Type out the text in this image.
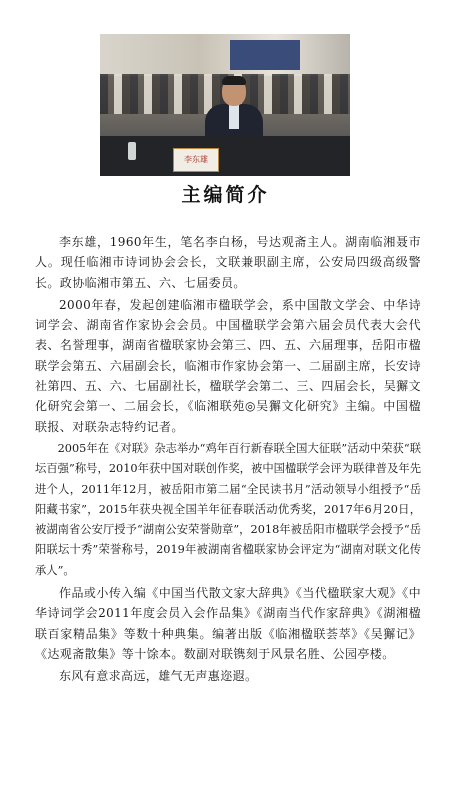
李东雄
主编简介

李东雄，1960年生，笔名李白杨，号达观斋主人。湖南临湘聂市人。现任临湘市诗词协会会长，文联兼职副主席，公安局四级高级警长。政协临湘市第五、六、七届委员。

2000年春，发起创建临湘市楹联学会，系中国散文学会、中华诗词学会、湖南省作家协会会员。中国楹联学会第六届会员代表大会代表、名誉理事，湖南省楹联家协会第三、四、五、六届理事，岳阳市楹联学会第五、六届副会长，临湘市作家协会第一、二届副主席，长安诗社第四、五、六、七届副社长，楹联学会第二、三、四届会长，吴獬文化研究会第一、二届会长，《临湘联苑◎吴獬文化研究》主编。中国楹联报、对联杂志特约记者。

2005年在《对联》杂志举办“鸡年百行新春联全国大征联”活动中荣获“联坛百强”称号，2010年获中国对联创作奖，被中国楹联学会评为联律普及年先进个人，2011年12月，被岳阳市第二届“全民读书月”活动领导小组授予“岳阳藏书家”，2015年获央视全国羊年征春联活动优秀奖，2017年6月20日，被湖南省公安厅授予“湖南公安荣誉勋章”，2018年被岳阳市楹联学会授予“岳阳联坛十秀”荣誉称号，2019年被湖南省楹联家协会评定为“湖南对联文化传承人”。

作品或小传入编《中国当代散文家大辞典》《当代楹联家大观》《中华诗词学会2011年度会员入会作品集》《湖南当代作家辞典》《湖湘楹联百家精品集》等数十种典集。编著出版《临湘楹联荟萃》《吴獬记》《达观斋散集》等十馀本。数副对联镌刻于风景名胜、公园亭楼。

东风有意求高远，雄气无声惠迩遐。
